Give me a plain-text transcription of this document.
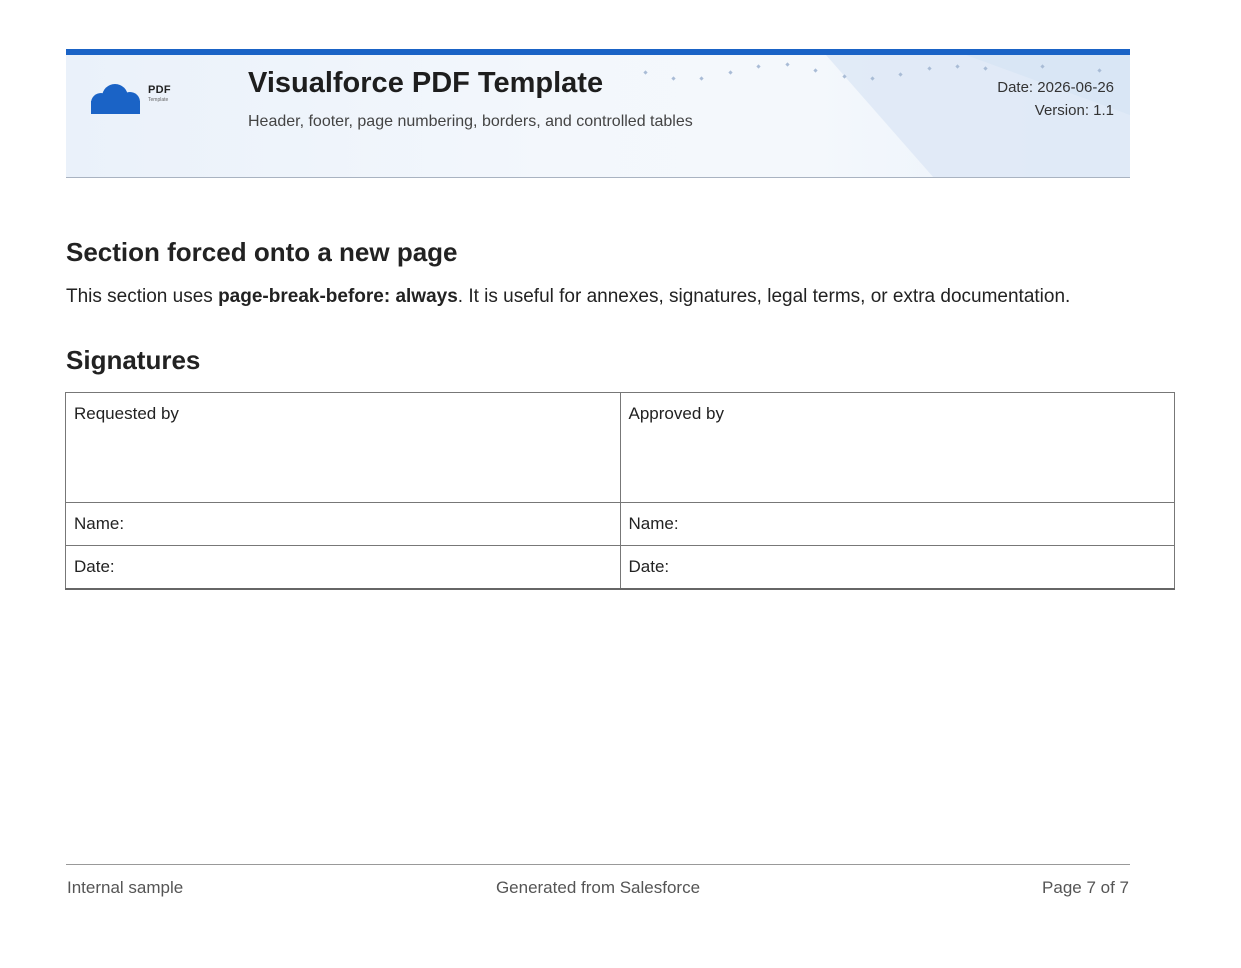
PDF
Template
Visualforce PDF Template
Header, footer, page numbering, borders, and controlled tables
Date: 2026-06-26
Version: 1.1
Section forced onto a new page

This section uses page-break-before: always. It is useful for annexes, signatures, legal terms, or extra documentation.

Signatures
Requested by	Approved by
Name:	Name:
Date:	Date:
Internal sample	Generated from Salesforce	Page 7 of 7
